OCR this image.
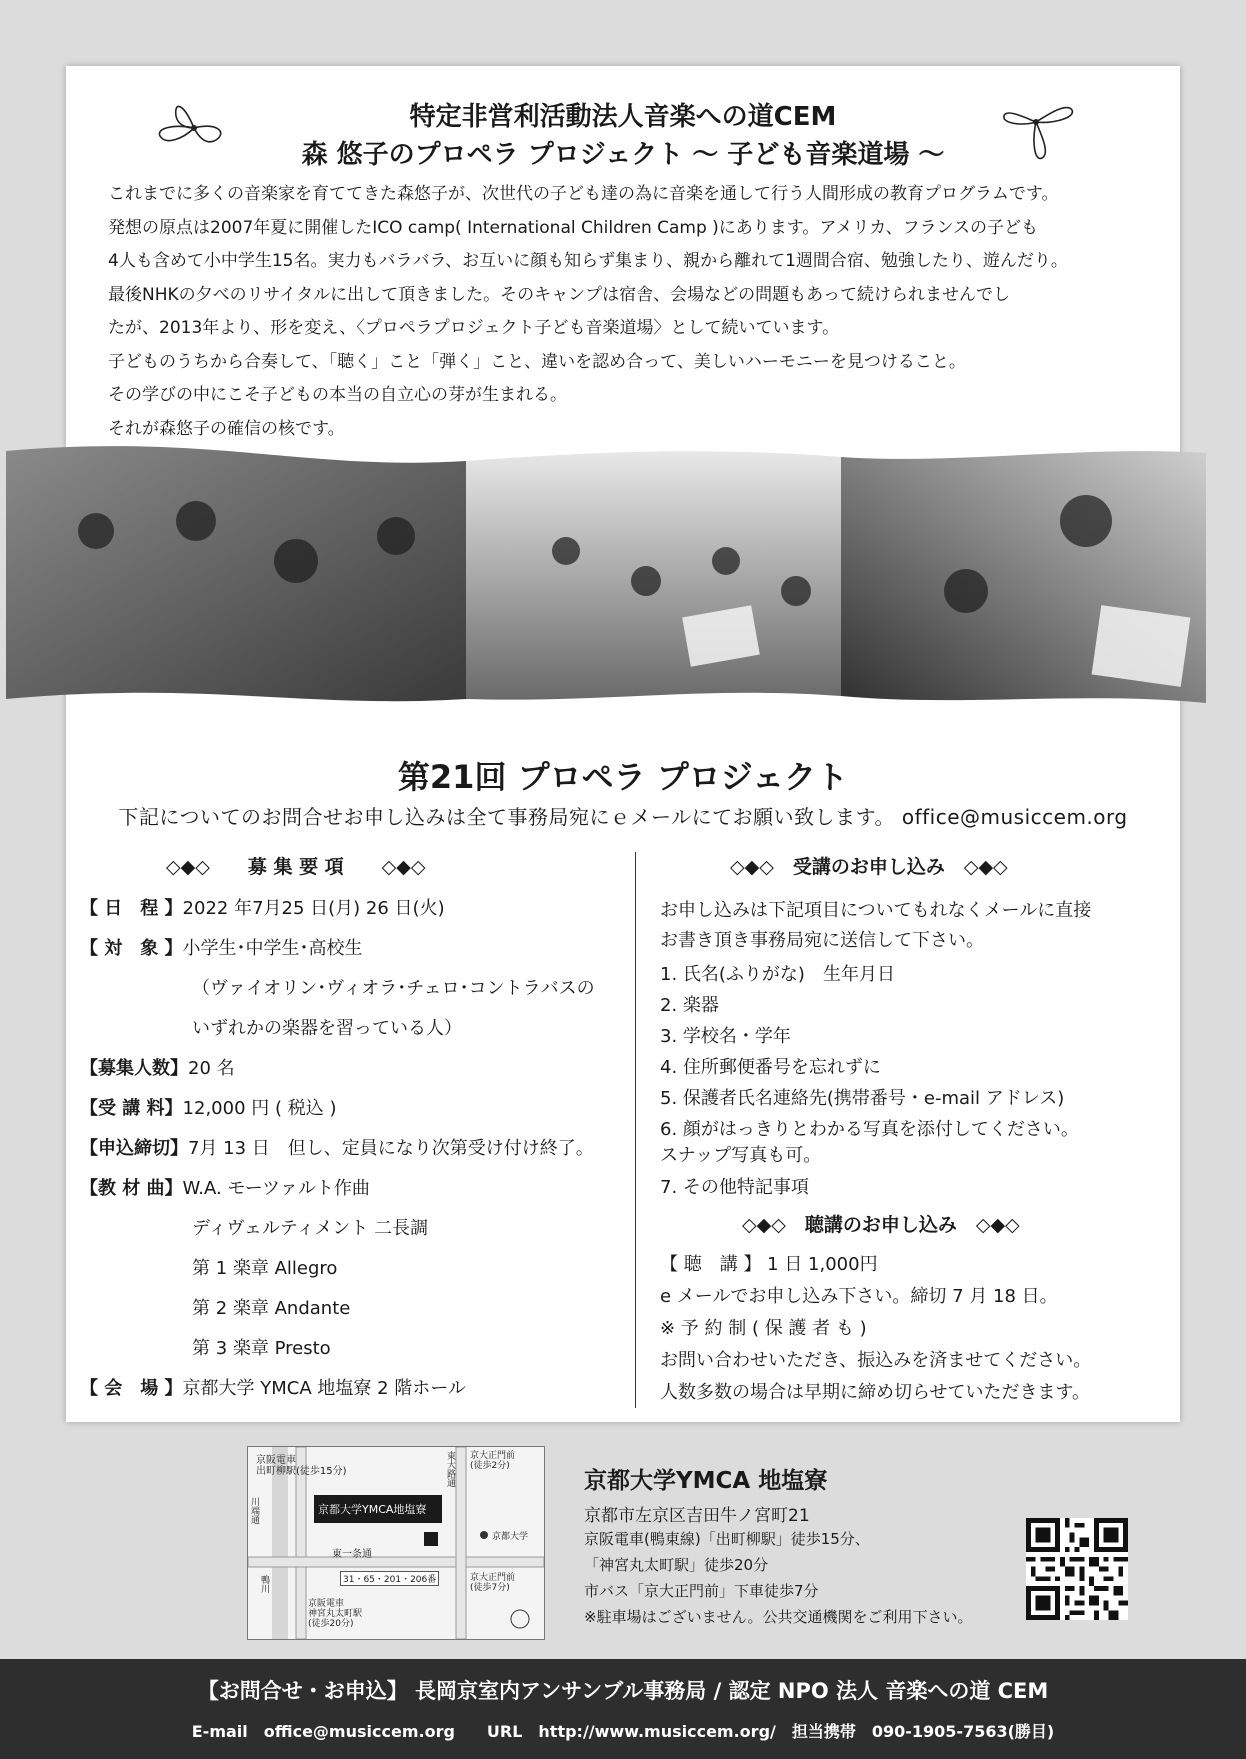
特定非営利活動法人音楽への道CEM
森 悠子のプロペラ プロジェクト 〜 子ども音楽道場 〜

これまでに多くの音楽家を育ててきた森悠子が、次世代の子ども達の為に音楽を通して行う人間形成の教育プログラムです。

発想の原点は2007年夏に開催したICO camp( International Children Camp )にあります。アメリカ、フランスの子ども

4人も含めて小中学生15名。実力もバラバラ、お互いに顔も知らず集まり、親から離れて1週間合宿、勉強したり、遊んだり。

最後NHKの夕べのリサイタルに出して頂きました。そのキャンプは宿舎、会場などの問題もあって続けられませんでし

たが、2013年より、形を変え、〈プロペラプロジェクト子ども音楽道場〉として続いています。

子どものうちから合奏して、「聴く」こと「弾く」こと、違いを認め合って、美しいハーモニーを見つけること。

その学びの中にこそ子どもの本当の自立心の芽が生まれる。

それが森悠子の確信の核です。

第21回 プロペラ プロジェクト
下記についてのお問合せお申し込みは全て事務局宛にｅメールにてお願い致します。 office@musiccem.org
◇◆◇　　募 集 要 項　　◇◆◇
【 日　程 】2022 年7月25 日(月) 26 日(火)
【 対　象 】小学生･中学生･高校生
（ヴァイオリン･ヴィオラ･チェロ･コントラバスの
いずれかの楽器を習っている人）
【募集人数】20 名
【受 講 料】12,000 円 ( 税込 )
【申込締切】7月 13 日　但し、定員になり次第受け付け終了。
【教 材 曲】W.A. モーツァルト作曲
ディヴェルティメント 二長調
第 1 楽章 Allegro
第 2 楽章 Andante
第 3 楽章 Presto
【 会　場 】京都大学 YMCA 地塩寮 2 階ホール
◇◆◇　受講のお申し込み　◇◆◇
お申し込みは下記項目についてもれなくメールに直接
お書き頂き事務局宛に送信して下さい。
1. 氏名(ふりがな)　生年月日
2. 楽器
3. 学校名・学年
4. 住所郵便番号を忘れずに
5. 保護者氏名連絡先(携帯番号・e-mail アドレス)
6. 顔がはっきりとわかる写真を添付してください。
スナップ写真も可。
7. その他特記事項
◇◆◇　聴講のお申し込み　◇◆◇
【 聴　講 】 1 日 1,000円
e メールでお申し込み下さい。締切 7 月 18 日。
※ 予 約 制 ( 保 護 者 も )
お問い合わせいただき、振込みを済ませてください。
人数多数の場合は早期に締め切らせていただきます。
京阪電車
出町柳駅(徒歩15分)
京都大学YMCA地塩寮
川端通
東一条通
鴨川
東大路通
京都大学
京大正門前
(徒歩2分)
31・65・201・206番	京大正門前
(徒歩7分)
京阪電車
神宮丸太町駅
(徒歩20分)
京都大学YMCA 地塩寮
京都市左京区吉田牛ノ宮町21
京阪電車(鴨東線)「出町柳駅」徒歩15分、
「神宮丸太町駅」徒歩20分
市バス「京大正門前」下車徒歩7分
※駐車場はございません。公共交通機関をご利用下さい。
【お問合せ・お申込】 長岡京室内アンサンブル事務局 / 認定 NPO 法人 音楽への道 CEM
E-mail　office@musiccem.org　　URL　http://www.musiccem.org/　担当携帯　090-1905-7563(勝目)
